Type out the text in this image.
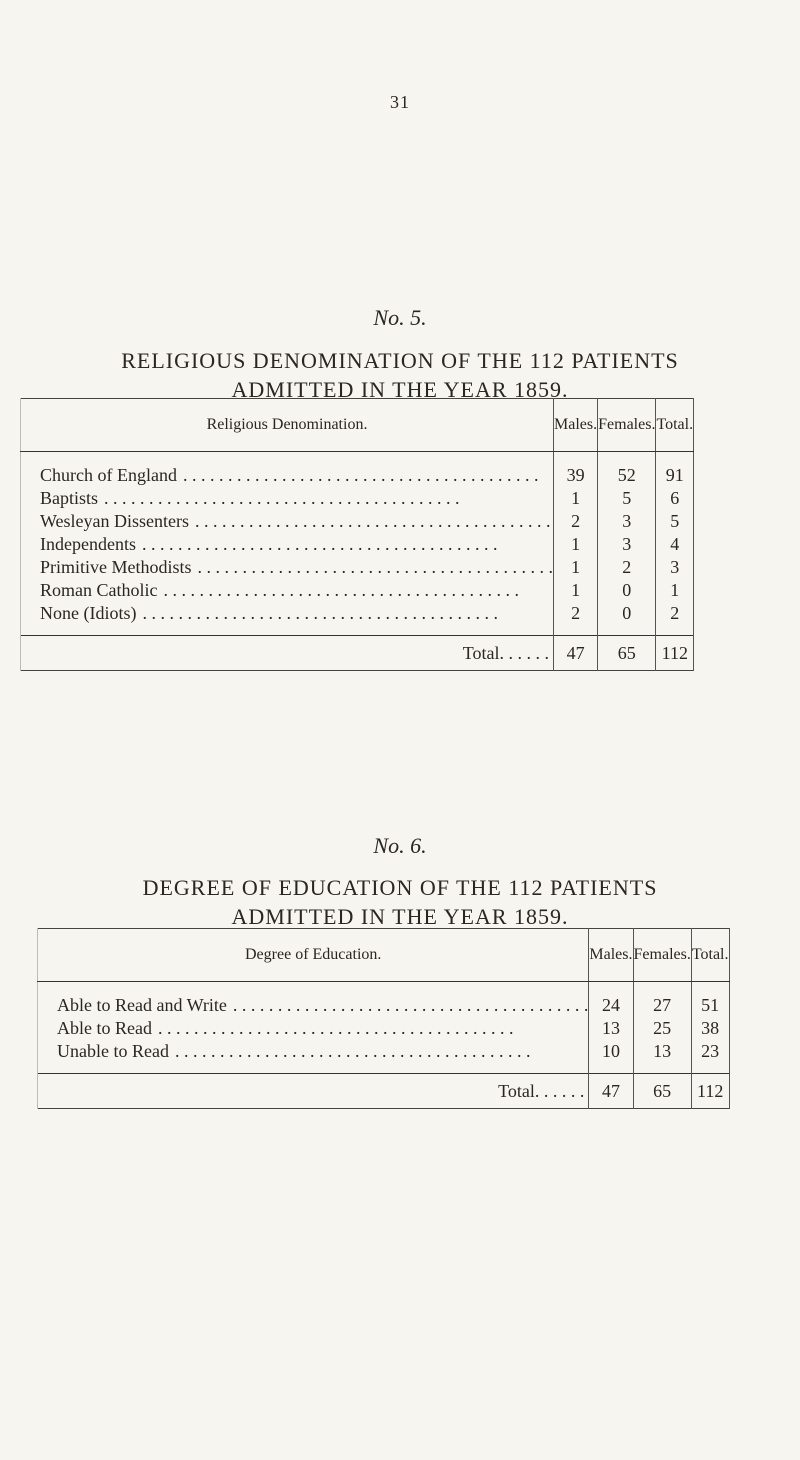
31
No. 5.
RELIGIOUS DENOMINATION OF THE 112 PATIENTS
ADMITTED IN THE YEAR 1859.
Religious Denomination.	Males.	Females.	Total.
Church of England . . . . . . . . . . . . . . . . . . . . . . . . . . . . . . . . . . . . . . . .	39	52	91
Baptists . . . . . . . . . . . . . . . . . . . . . . . . . . . . . . . . . . . . . . . .	1	5	6
Wesleyan Dissenters . . . . . . . . . . . . . . . . . . . . . . . . . . . . . . . . . . . . . . . .	2	3	5
Independents . . . . . . . . . . . . . . . . . . . . . . . . . . . . . . . . . . . . . . . .	1	3	4
Primitive Methodists . . . . . . . . . . . . . . . . . . . . . . . . . . . . . . . . . . . . . . . .	1	2	3
Roman Catholic . . . . . . . . . . . . . . . . . . . . . . . . . . . . . . . . . . . . . . . .	1	0	1
None (Idiots) . . . . . . . . . . . . . . . . . . . . . . . . . . . . . . . . . . . . . . . .	2	0	2
Total. . . . . .	47	65	112
No. 6.
DEGREE OF EDUCATION OF THE 112 PATIENTS
ADMITTED IN THE YEAR 1859.
Degree of Education.	Males.	Females.	Total.
Able to Read and Write . . . . . . . . . . . . . . . . . . . . . . . . . . . . . . . . . . . . . . . .	24	27	51
Able to Read . . . . . . . . . . . . . . . . . . . . . . . . . . . . . . . . . . . . . . . .	13	25	38
Unable to Read . . . . . . . . . . . . . . . . . . . . . . . . . . . . . . . . . . . . . . . .	10	13	23
Total. . . . . .	47	65	112
